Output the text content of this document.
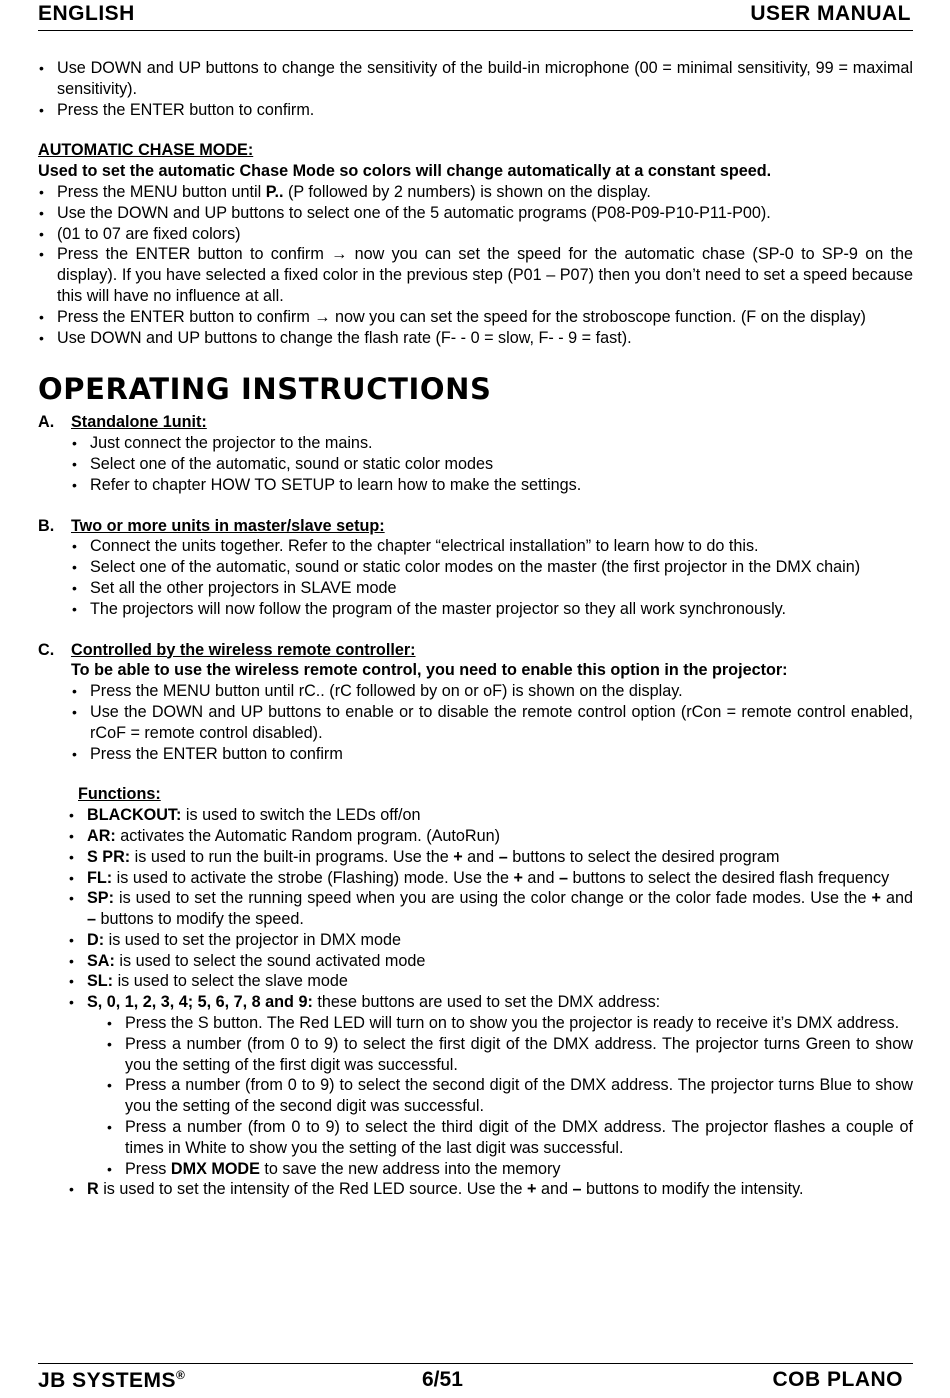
ENGLISH	USER MANUAL
• Use DOWN and UP buttons to change the sensitivity of the build-in microphone (00 = minimal sensitivity, 99 = maximal sensitivity).
• Press the ENTER button to confirm.
AUTOMATIC CHASE MODE:
Used to set the automatic Chase Mode so colors will change automatically at a constant speed.
• Press the MENU button until P.. (P followed by 2 numbers) is shown on the display.
• Use the DOWN and UP buttons to select one of the 5 automatic programs (P08-P09-P10-P11-P00).
• (01 to 07 are fixed colors)
• Press the ENTER button to confirm → now you can set the speed for the automatic chase (SP-0 to SP-9 on the display). If you have selected a fixed color in the previous step (P01 – P07) then you don’t need to set a speed because this will have no influence at all.
• Press the ENTER button to confirm → now you can set the speed for the stroboscope function. (F on the display)
• Use DOWN and UP buttons to change the flash rate (F- - 0 = slow, F- - 9 = fast).
OPERATING INSTRUCTIONS
A. Standalone 1unit:
• Just connect the projector to the mains.
• Select one of the automatic, sound or static color modes
• Refer to chapter HOW TO SETUP to learn how to make the settings.
B. Two or more units in master/slave setup:
• Connect the units together. Refer to the chapter “electrical installation” to learn how to do this.
• Select one of the automatic, sound or static color modes on the master (the first projector in the DMX chain)
• Set all the other projectors in SLAVE mode
• The projectors will now follow the program of the master projector so they all work synchronously.
C. Controlled by the wireless remote controller:
To be able to use the wireless remote control, you need to enable this option in the projector:
• Press the MENU button until rC.. (rC followed by on or oF) is shown on the display.
• Use the DOWN and UP buttons to enable or to disable the remote control option (rCon = remote control enabled, rCoF = remote control disabled).
• Press the ENTER button to confirm
Functions:
• BLACKOUT: is used to switch the LEDs off/on
• AR: activates the Automatic Random program. (AutoRun)
• S PR: is used to run the built-in programs. Use the + and – buttons to select the desired program
• FL: is used to activate the strobe (Flashing) mode. Use the + and – buttons to select the desired flash frequency
• SP: is used to set the running speed when you are using the color change or the color fade modes. Use the + and – buttons to modify the speed.
• D: is used to set the projector in DMX mode
• SA: is used to select the sound activated mode
• SL: is used to select the slave mode
• S, 0, 1, 2, 3, 4; 5, 6, 7, 8 and 9: these buttons are used to set the DMX address:
• Press the S button. The Red LED will turn on to show you the projector is ready to receive it’s DMX address.
• Press a number (from 0 to 9) to select the first digit of the DMX address. The projector turns Green to show you the setting of the first digit was successful.
• Press a number (from 0 to 9) to select the second digit of the DMX address. The projector turns Blue to show you the setting of the second digit was successful.
• Press a number (from 0 to 9) to select the third digit of the DMX address. The projector flashes a couple of times in White to show you the setting of the last digit was successful.
• Press DMX MODE to save the new address into the memory
• R is used to set the intensity of the Red LED source. Use the + and – buttons to modify the intensity.
JB SYSTEMS®	6/51	COB PLANO
